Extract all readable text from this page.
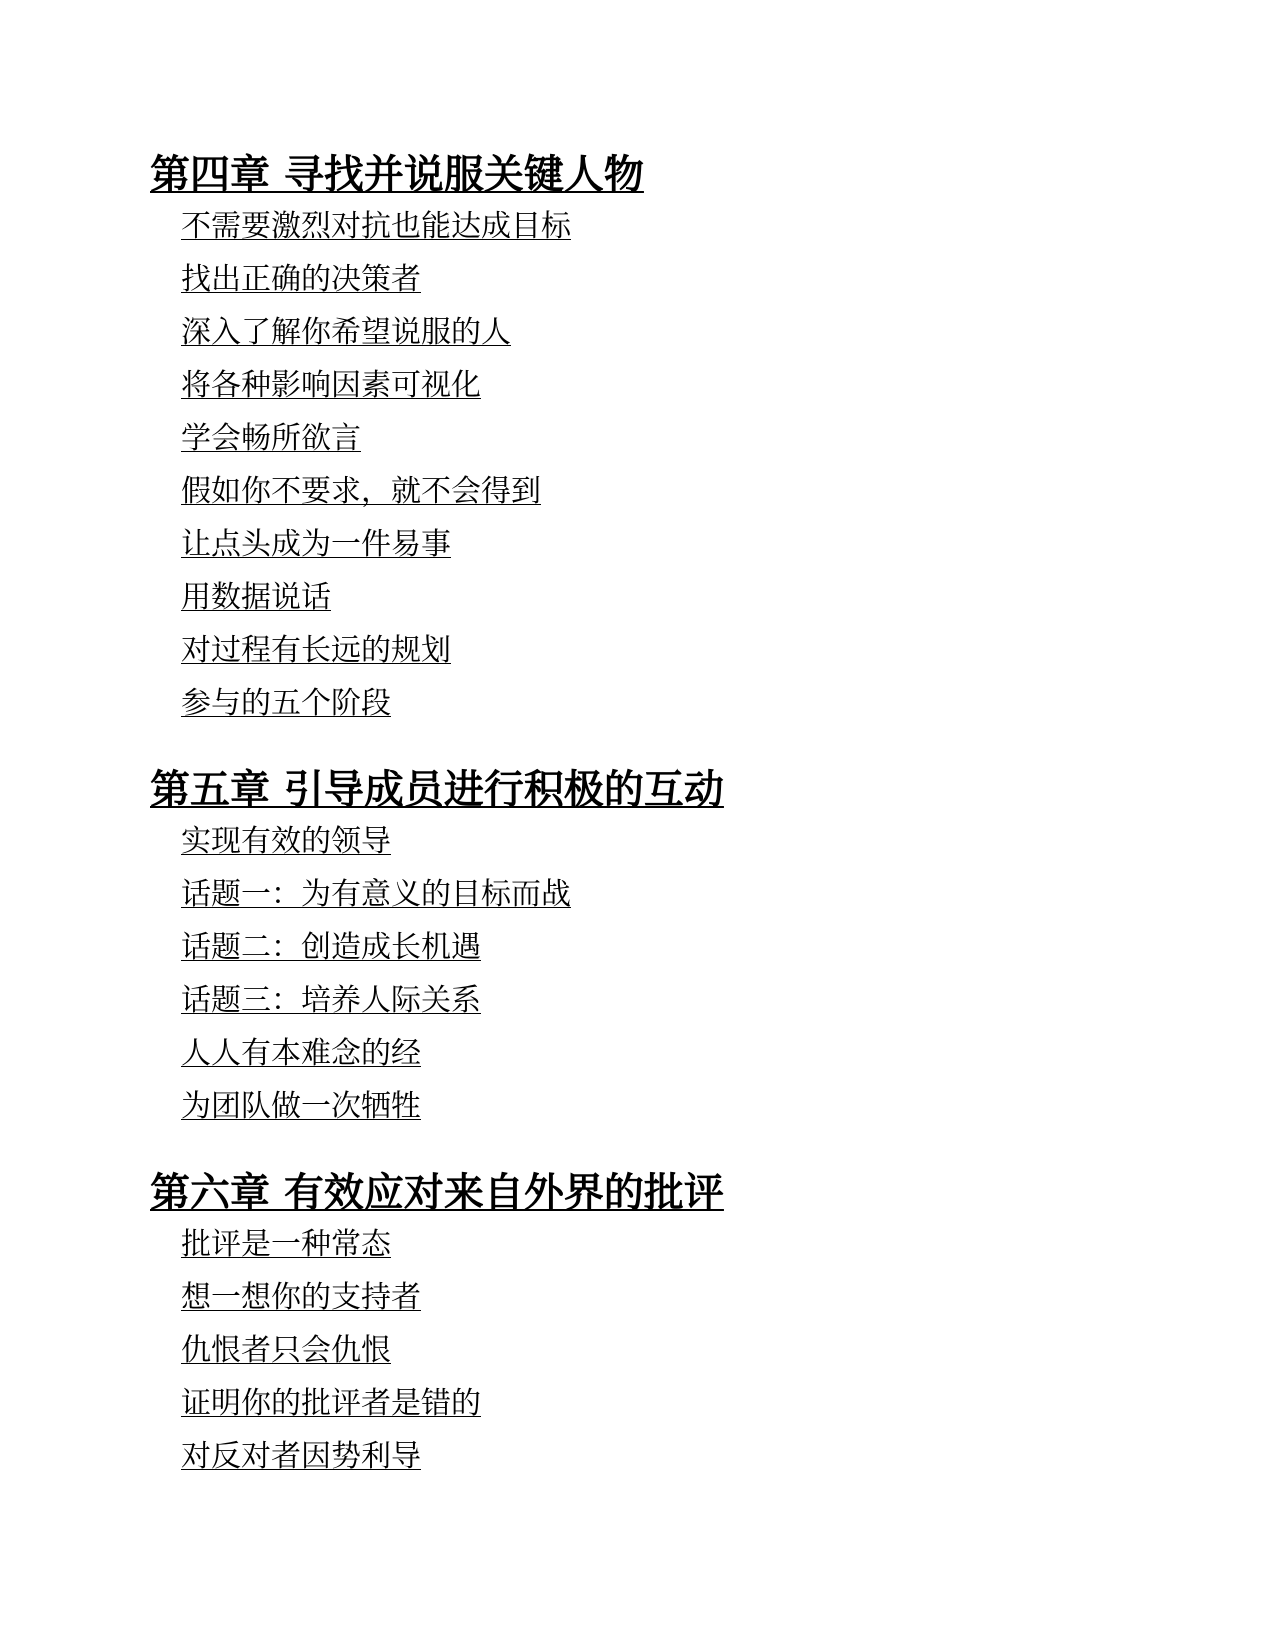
第四章 寻找并说服关键人物
不需要激烈对抗也能达成目标
找出正确的决策者
深入了解你希望说服的人
将各种影响因素可视化
学会畅所欲言
假如你不要求，就不会得到
让点头成为一件易事
用数据说话
对过程有长远的规划
参与的五个阶段
第五章 引导成员进行积极的互动
实现有效的领导
话题一：为有意义的目标而战
话题二：创造成长机遇
话题三：培养人际关系
人人有本难念的经
为团队做一次牺牲
第六章 有效应对来自外界的批评
批评是一种常态
想一想你的支持者
仇恨者只会仇恨
证明你的批评者是错的
对反对者因势利导
